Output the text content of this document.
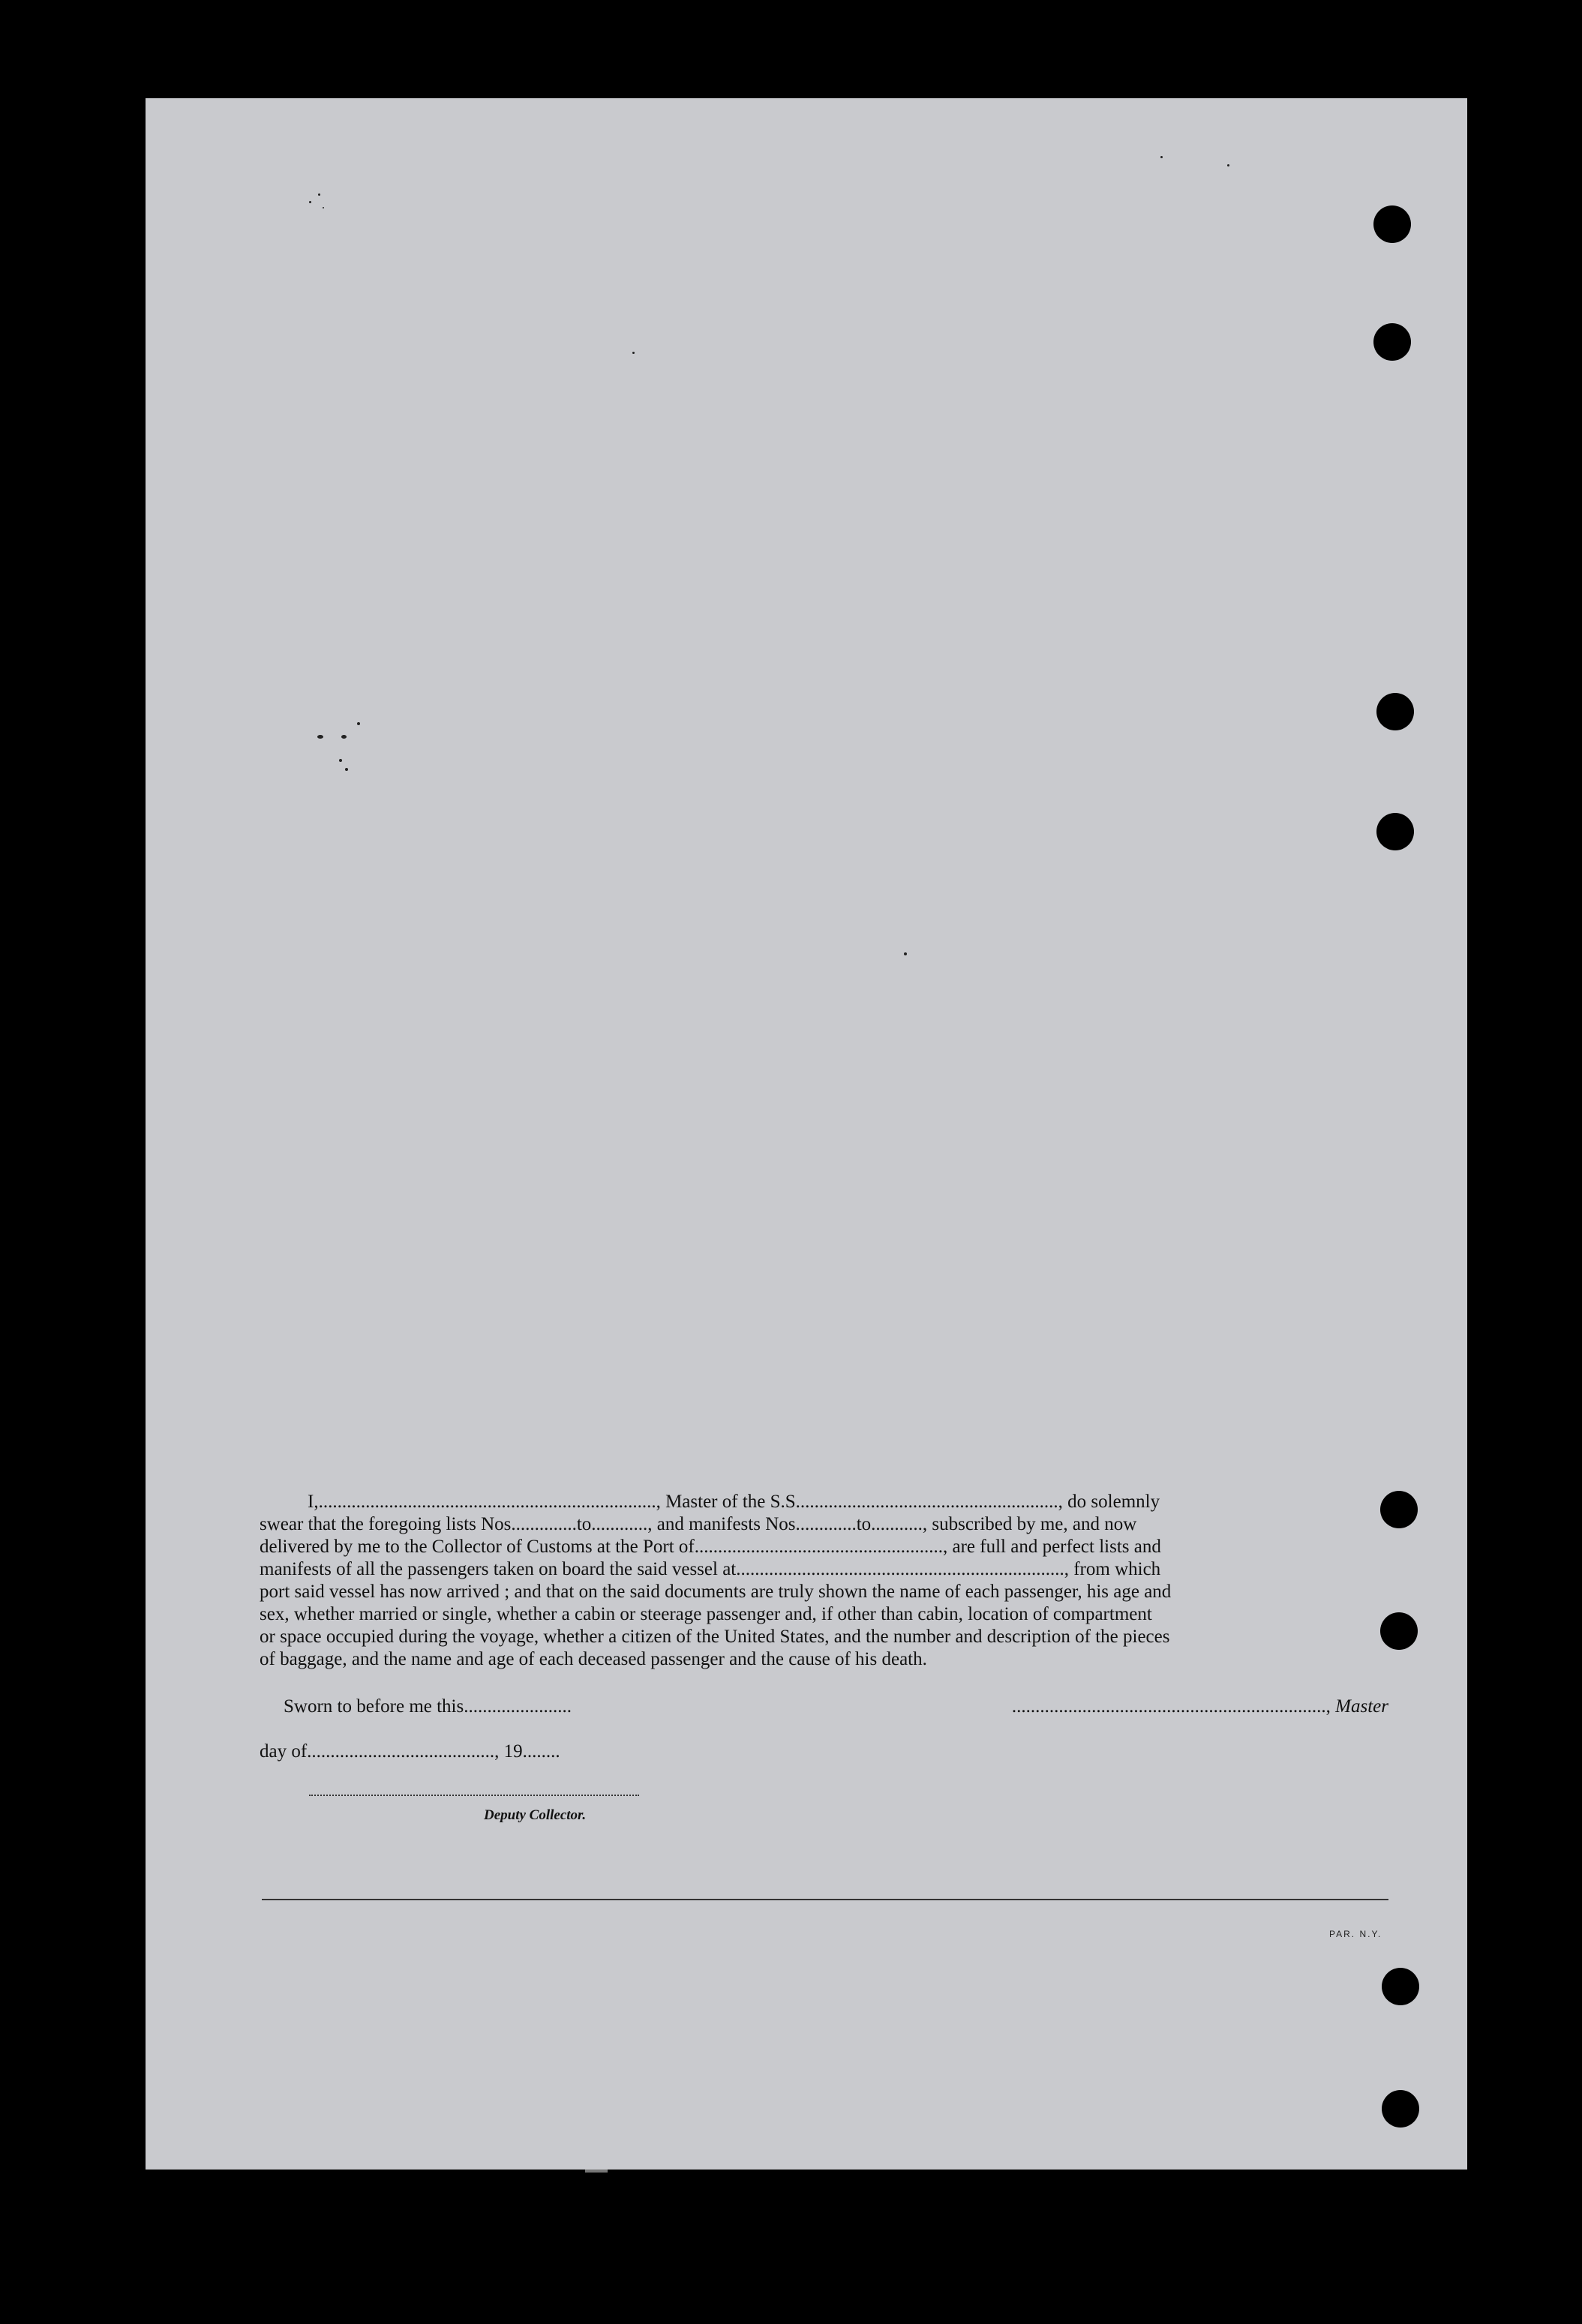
I,........................................................................, Master of the S.S........................................................, do solemnly

swear that the foregoing lists Nos..............to............, and manifests Nos.............to..........., subscribed by me, and now

delivered by me to the Collector of Customs at the Port of....................................................., are full and perfect lists and

manifests of all the passengers taken on board the said vessel at......................................................................, from which

port said vessel has now arrived ; and that on the said documents are truly shown the name of each passenger, his age and

sex, whether married or single, whether a cabin or steerage passenger and, if other than cabin, location of compartment

or space occupied during the voyage, whether a citizen of the United States, and the number and description of the pieces

of baggage, and the name and age of each deceased passenger and the cause of his death.

Sworn to before me this.......................	..................................................................., Master
day of........................................, 19........
Deputy Collector.
PAR. N.Y.
